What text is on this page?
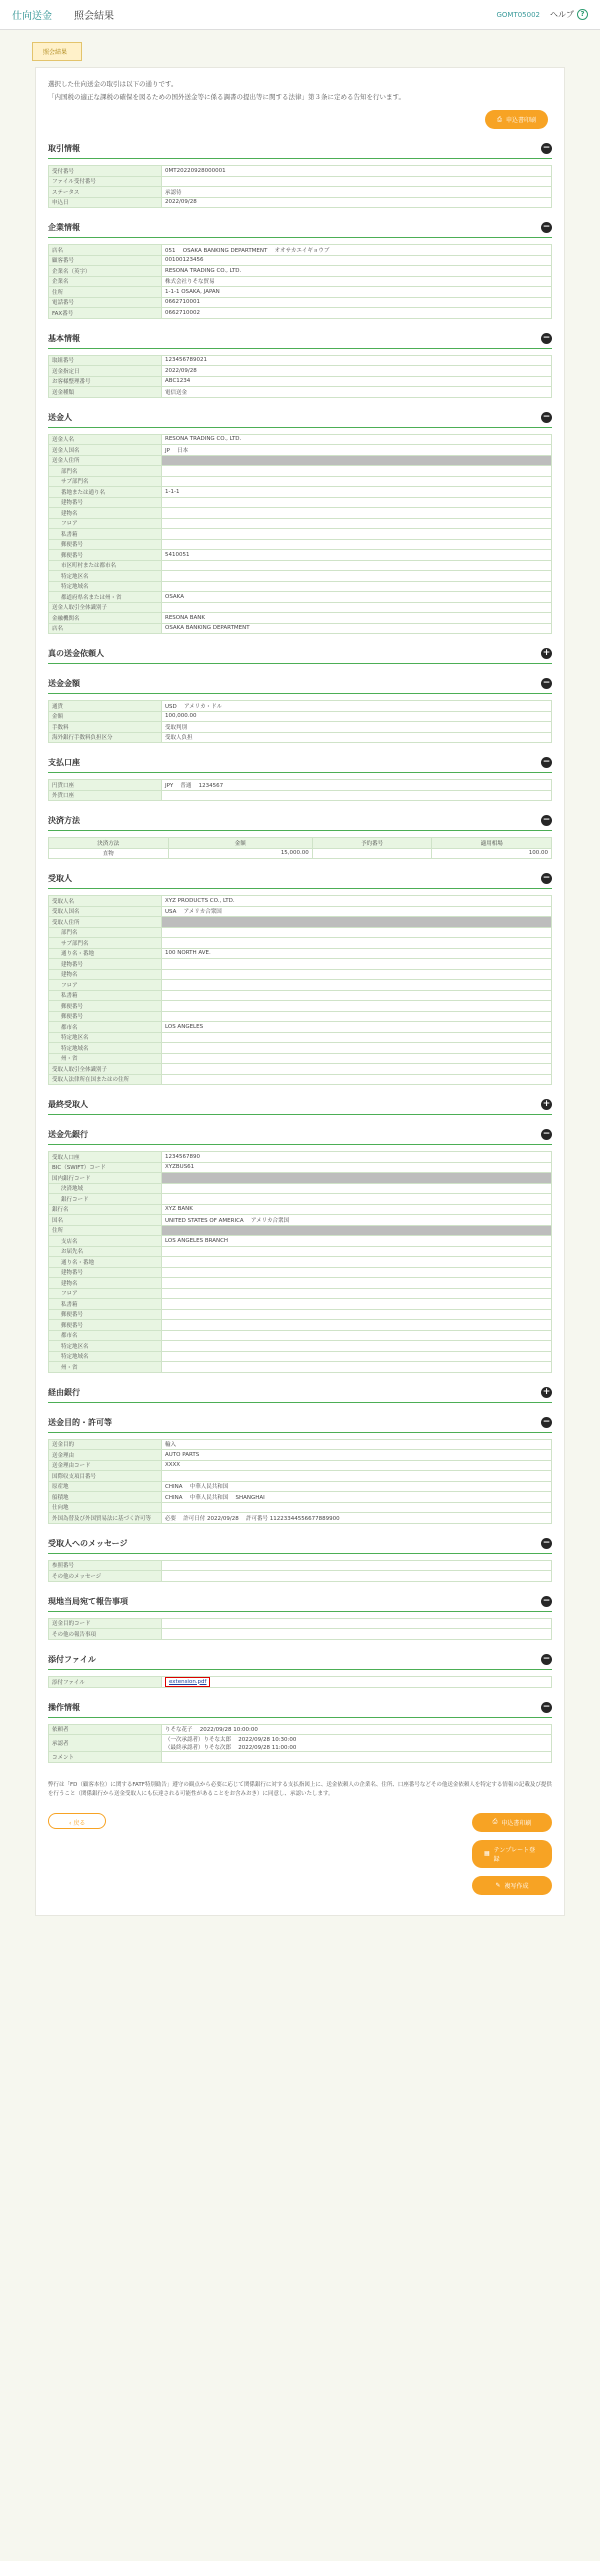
仕向送金 照会結果	GOMT05002 ヘルプ ?
照会結果
選択した仕向送金の取引は以下の通りです。
「内国税の適正な課税の確保を図るための国外送金等に係る調書の提出等に関する法律」第３条に定める告知を行います。
⎙ 申込書印刷
取引情報	−
受付番号	0MT20220928000001
ファイル受付番号	
ステータス	承認待
申込日	2022/09/28
企業情報	−
店名	051　 OSAKA BANKING DEPARTMENT　 オオサカエイギョウブ
顧客番号	00100123456
企業名（英字）	RESONA TRADING CO., LTD.
企業名	株式会社りそな貿易
住所	1-1-1 OSAKA, JAPAN
電話番号	0662710001
FAX番号	0662710002
基本情報	−
取組番号	123456789021
送金指定日	2022/09/28
お客様整理番号	ABC1234
送金種類	電信送金
送金人	−
送金人名	RESONA TRADING CO., LTD.
送金人国名	JP　 日本
送金人住所	
部門名	
サブ部門名	
番地または通り名	1-1-1
建物番号	
建物名	
フロア	
私書箱	
郵便番号	
郵便番号	5410051
市区町村または都市名	
特定地区名	
特定地域名	
都道府県名または州・省	OSAKA
送金人取引全体識別子	
金融機関名	RESONA BANK
店名	OSAKA BANKING DEPARTMENT
真の送金依頼人	+
送金金額	−
通貨	USD　 アメリカ・ドル
金額	100,000.00
手数料	受取判別
海外銀行手数料負担区分	受取人負担
支払口座	−
円貨口座	JPY　 普通　 1234567
外貨口座	
決済方法	−
決済方法	金額	予約番号	適用相場
直物	15,000.00		100.00
受取人	−
受取人名	XYZ PRODUCTS CO., LTD.
受取人国名	USA　 アメリカ合衆国
受取人住所	
部門名	
サブ部門名	
通り名・番地	100 NORTH AVE.
建物番号	
建物名	
フロア	
私書箱	
郵便番号	
郵便番号	
都市名	LOS ANGELES
特定地区名	
特定地域名	
州・省	
受取人取引全体識別子	
受取人法律所在国またはの住所	
最終受取人	+
送金先銀行	−
受取人口座	1234567890
BIC（SWIFT）コード	XYZBUS61
国内銀行コード	
決済地域	
銀行コード	
銀行名	XYZ BANK
国名	UNITED STATES OF AMERICA　 アメリカ合衆国
住所	
支店名	LOS ANGELES BRANCH
お届先名	
通り名・番地	
建物番号	
建物名	
フロア	
私書箱	
郵便番号	
郵便番号	
都市名	
特定地区名	
特定地域名	
州・省	
経由銀行	+
送金目的・許可等	−
送金目的	輸入
送金理由	AUTO PARTS
送金理由コード	XXXX
国際収支項目番号	
原産地	CHINA　 中華人民共和国
船積地	CHINA　 中華人民共和国　 SHANGHAI
仕向地	
外国為替及び外国貿易法に基づく許可等	必要　 許可日付 2022/09/28　 許可番号 11223344556677889900
受取人へのメッセージ	−
参照番号	
その他のメッセージ	
現地当局宛て報告事項	−
送金目的コード	
その他の報告事項	
添付ファイル	−
添付ファイル	extension.pdf
操作情報	−
依頼者	りそな花子　 2022/09/28 10:00:00
承認者	（一次承認者）りそな太郎　 2022/09/28 10:30:00
（最終承認者）りそな次郎　 2022/09/28 11:00:00
コメント	
弊行は「FD（顧客本位）に関するFATF特別勧告」遵守の観点から必要に応じて関係銀行に対する支払指図上に、送金依頼人の企業名、住所、口座番号などその他送金依頼人を特定する情報の記載及び提供を行うこと（関係銀行から送金受取人にも伝達される可能性があることをお含みおき）に同意し、承認いたします。
‹ 戻る	⎙ 申込書印刷
▦ テンプレート登録
✎ 複写作成
